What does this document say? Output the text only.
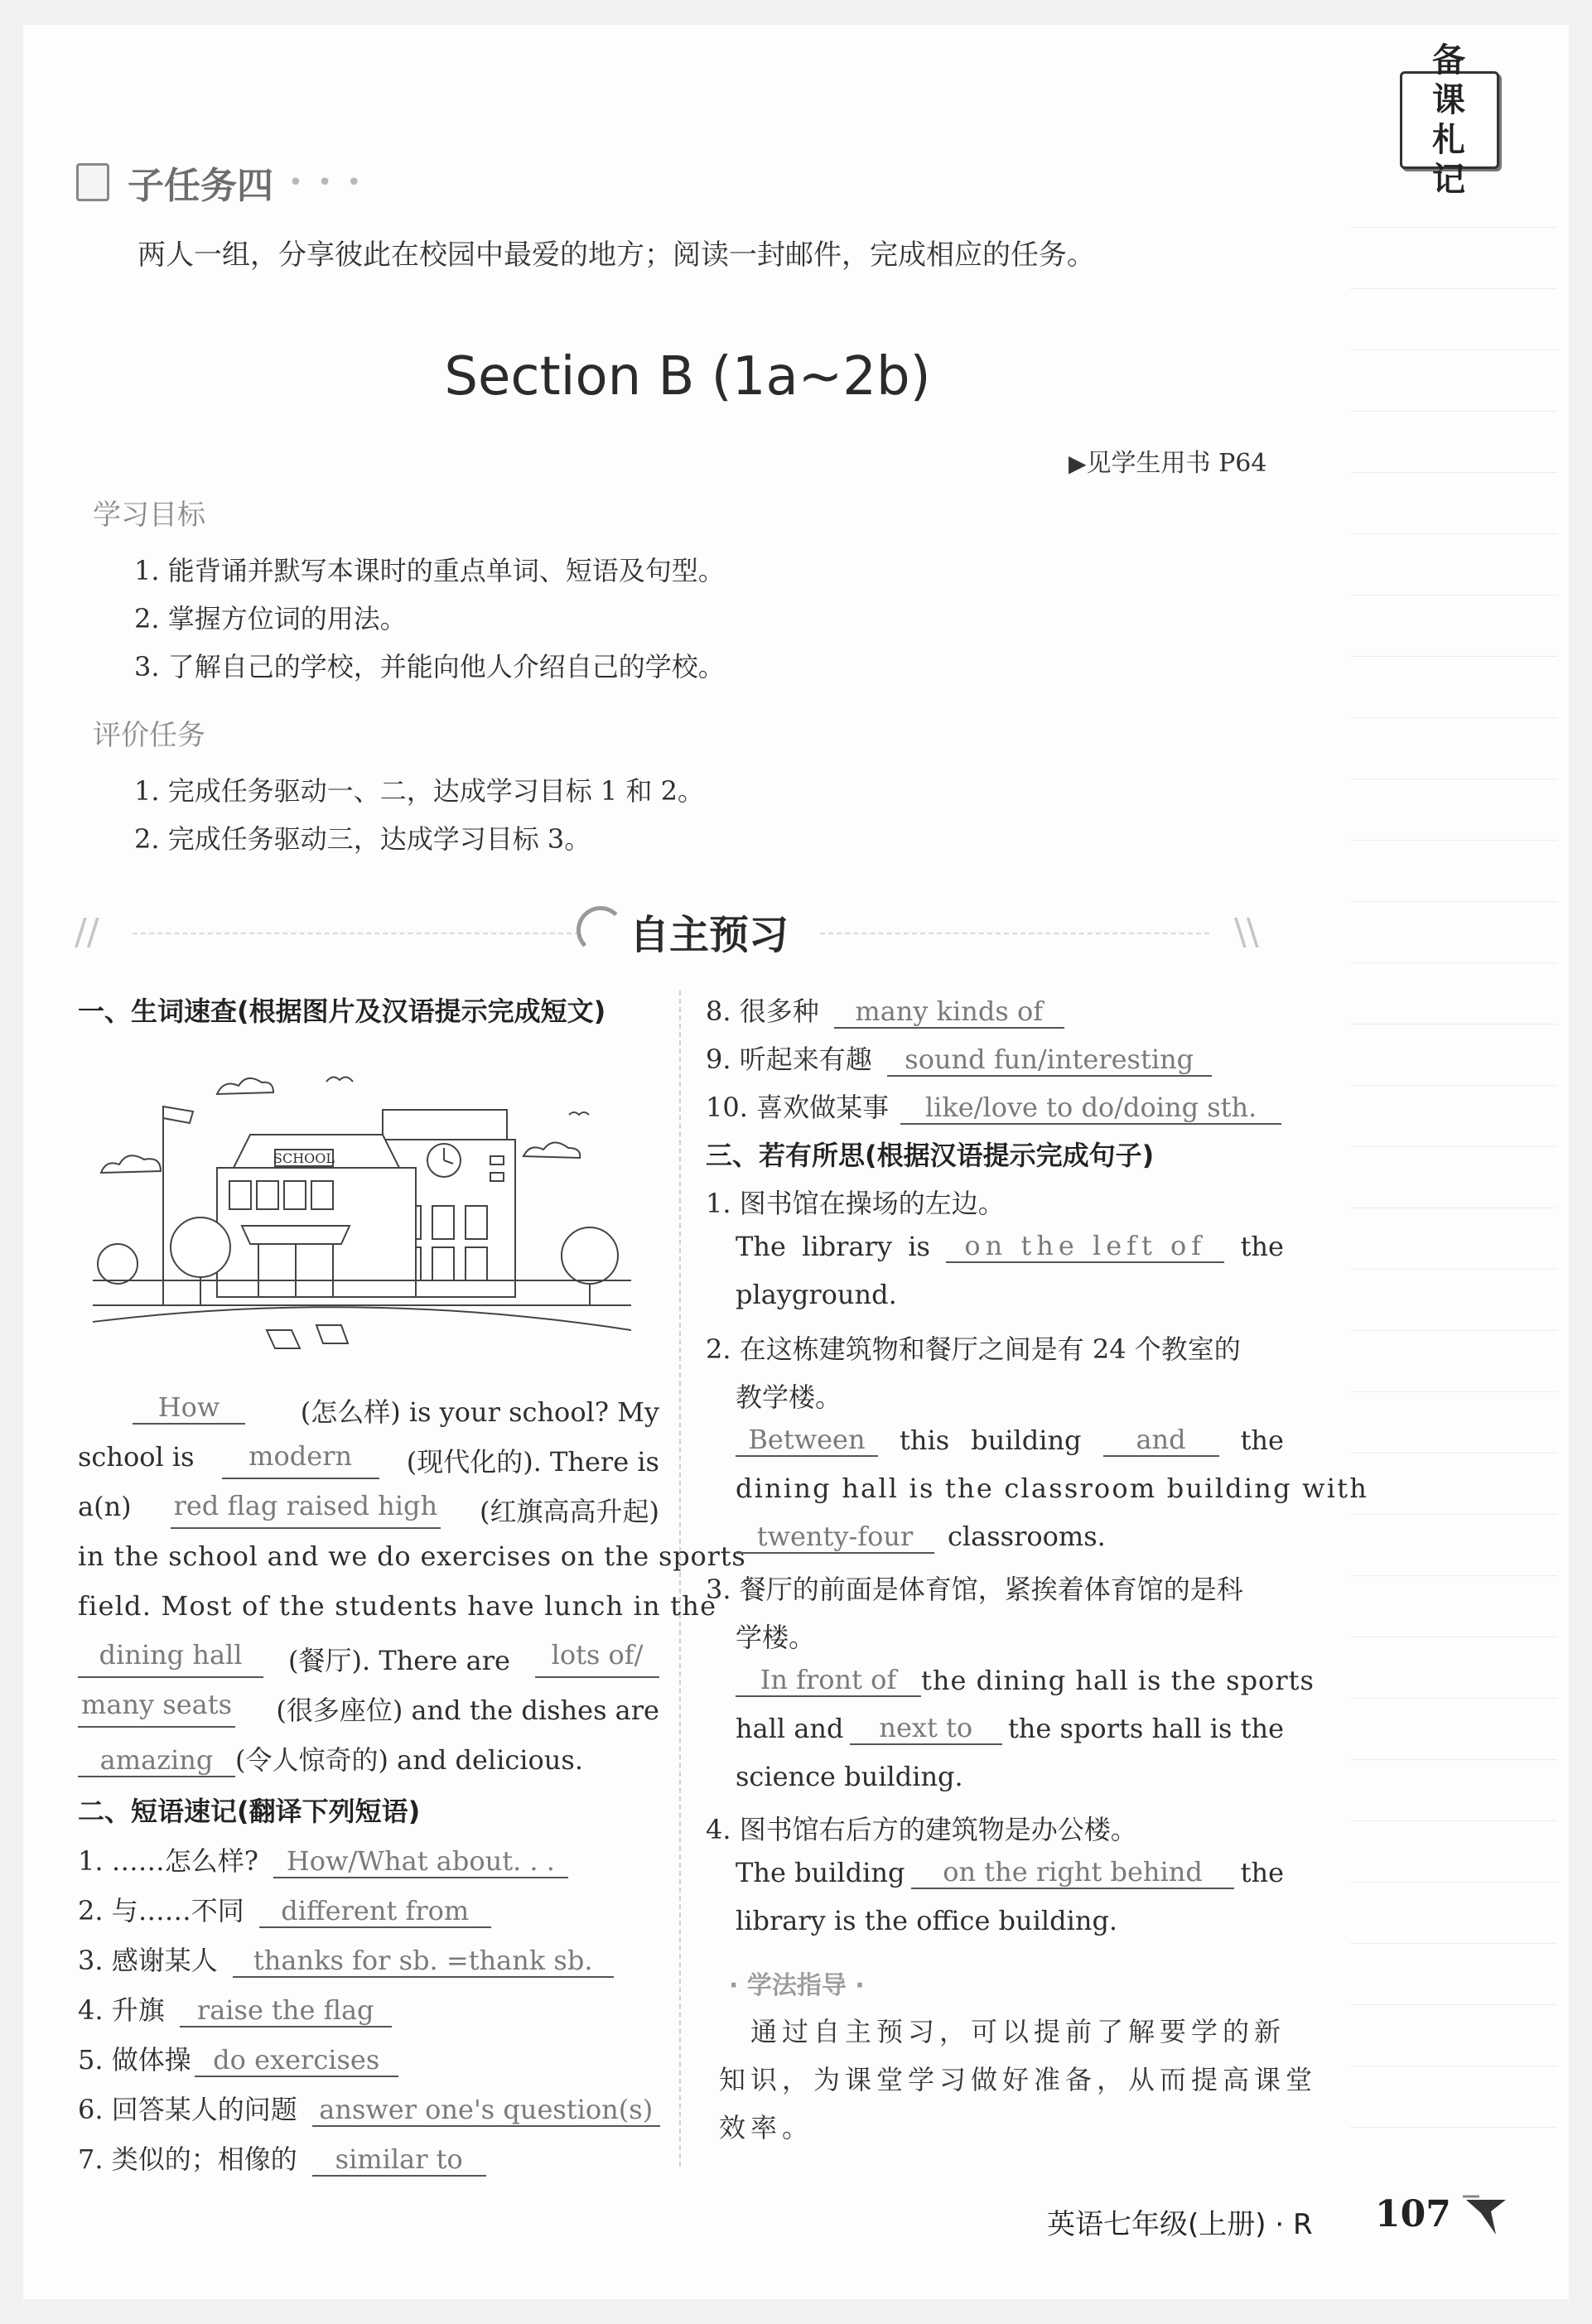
备课札记
子任务四 • • •
两人一组，分享彼此在校园中最爱的地方；阅读一封邮件，完成相应的任务。
Section B (1a~2b)
▶见学生用书 P64
学习目标
1. 能背诵并默写本课时的重点单词、短语及句型。
2. 掌握方位词的用法。
3. 了解自己的学校，并能向他人介绍自己的学校。
评价任务
1. 完成任务驱动一、二，达成学习目标 1 和 2。
2. 完成任务驱动三，达成学习目标 3。
//	自主预习	\\
一、生词速查(根据图片及汉语提示完成短文)
SCHOOL
How	(怎么样) is your school? My
school is	modern	(现代化的). There is
a(n) red flag raised high (红旗高高升起)
in the school and we do exercises on the sports
field. Most of the students have lunch in the
dining hall	(餐厅). There are	lots of/
many seats (很多座位) and the dishes are
amazing (令人惊奇的) and delicious.
二、短语速记(翻译下列短语)
1. ……怎么样? How/What about. . .
2. 与……不同 different from
3. 感谢某人 thanks for sb. =thank sb.
4. 升旗 raise the flag
5. 做体操 do exercises
6. 回答某人的问题 answer one's question(s)
7. 类似的；相像的 similar to
8. 很多种 many kinds of
9. 听起来有趣 sound fun/interesting
10. 喜欢做某事 like/love to do/doing sth.
三、若有所思(根据汉语提示完成句子)
1. 图书馆在操场的左边。
The library is	on the left of	the
playground.
2. 在这栋建筑物和餐厅之间是有 24 个教室的
教学楼。
Between	this building	and	the
dining hall is the classroom building with
twenty-four classrooms.
3. 餐厅的前面是体育馆，紧挨着体育馆的是科
学楼。
In front of the dining hall is the sports
hall and	next to	the sports hall is the
science building.
4. 图书馆右后方的建筑物是办公楼。
The building	on the right behind	the
library is the office building.
· 学法指导 ·
　通过自主预习，可以提前了解要学的新
知识，为课堂学习做好准备，从而提高课堂
效率。
英语七年级(上册) · R 107
